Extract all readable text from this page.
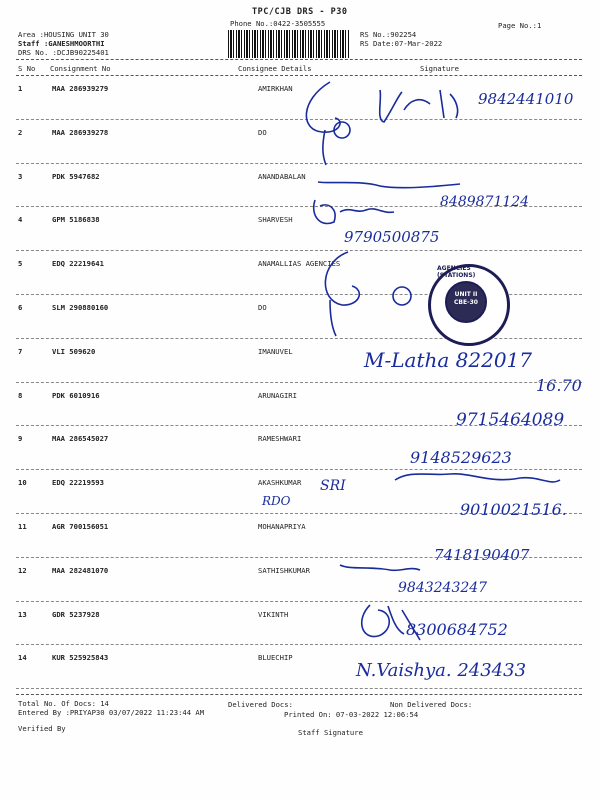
TPC/CJB DRS - P30
Phone No.:0422-3505555
Area :HOUSING UNIT 30
Staff :GANESHMOORTHI
DRS No. :DCJB90225401
RS No.:902254
RS Date:07-Mar-2022
Page No.:1
S No Consignment No	Consignee Details	Signature
1	MAA 286939279	AMIRKHAN
2	MAA 286939278	DO
3	PDK 5947682	ANANDABALAN
4	GPM 5186838	SHARVESH
5	EDQ 22219641	ANAMALLIAS AGENCIES
6	SLM 290880160	DO
7	VLI 509620	IMANUVEL
8	PDK 6010916	ARUNAGIRI
9	MAA 286545027	RAMESHWARI
10	EDQ 22219593	AKASHKUMAR
11	AGR 700156051	MOHANAPRIYA
12	MAA 282481070	SATHISHKUMAR
13	GDR 5237928	VIKINTH
14	KUR 525925843	BLUECHIP
9842441010
8489871124
9790500875
M-Latha 822017
16.70
9715464089
9148529623
SRI
RDO	9010021516.
7418190407
9843243247
8300684752
N.Vaishya. 243433
AGENCIES (STATIONS)
UNIT II
CBE-30
Total No. Of Docs: 14	Delivered Docs:	Non Delivered Docs:
Entered By :PRIYAP30 03/07/2022 11:23:44 AM	Printed On: 07-03-2022 12:06:54
Verified By	Staff Signature
